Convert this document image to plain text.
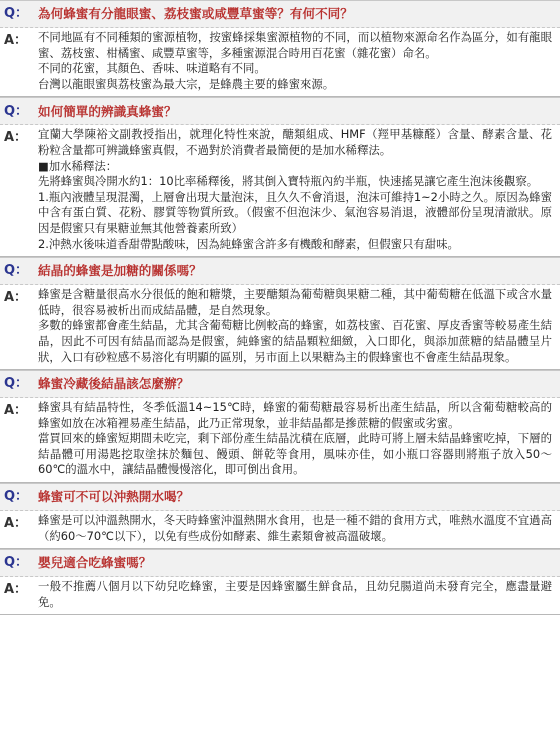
Q： 為何蜂蜜有分龍眼蜜、荔枝蜜或咸豐草蜜等？有何不同？
A： 不同地區有不同種類的蜜源植物，按蜜蜂採集蜜源植物的不同，而以植物來源命名作為區分，如有龍眼蜜、荔枝蜜、柑橘蜜、咸豐草蜜等，多種蜜源混合時用百花蜜（雜花蜜）命名。
不同的花蜜，其顏色、香味、味道略有不同。
台灣以龍眼蜜與荔枝蜜為最大宗，是蜂農主要的蜂蜜來源。
Q： 如何簡單的辨識真蜂蜜？
A： 宜蘭大學陳裕文副教授指出，就理化特性來說，醣類組成、HMF（羥甲基糠醛）含量、酵素含量、花粉粒含量都可辨識蜂蜜真假，不過對於消費者最簡便的是加水稀釋法。
■加水稀釋法：
先將蜂蜜與冷開水約1：10比率稀釋後，將其倒入寶特瓶內約半瓶，快速搖晃讓它產生泡沫後觀察。
1.瓶內液體呈現混濁，上層會出現大量泡沫，且久久不會消退，泡沫可維持1~2小時之久。原因為蜂蜜中含有蛋白質、花粉、膠質等物質所致。（假蜜不但泡沫少、氣泡容易消退，液體部份呈現清澈狀。原因是假蜜只有果糖並無其他營養素所致）
2.沖熱水後味道香甜帶點酸味，因為純蜂蜜含許多有機酸和酵素，但假蜜只有甜味。
Q： 結晶的蜂蜜是加糖的關係嗎？
A： 蜂蜜是含糖量很高水分很低的飽和糖漿，主要醣類為葡萄糖與果糖二種，其中葡萄糖在低溫下或含水量低時，很容易被析出而成結晶體，是自然現象。
多數的蜂蜜都會產生結晶，尤其含葡萄糖比例較高的蜂蜜，如荔枝蜜、百花蜜、厚皮香蜜等較易產生結晶，因此不可因有結晶而認為是假蜜，純蜂蜜的結晶顆粒細緻，入口即化，與添加蔗糖的結晶體呈片狀，入口有砂粒感不易溶化有明顯的區別，另市面上以果糖為主的假蜂蜜也不會產生結晶現象。
Q： 蜂蜜冷藏後結晶該怎麼辦？
A： 蜂蜜具有結晶特性，冬季低溫14~15℃時，蜂蜜的葡萄糖最容易析出產生結晶，所以含葡萄糖較高的蜂蜜如放在冰箱裡易產生結晶，此乃正常現象，並非結晶都是摻蔗糖的假蜜或劣蜜。
當買回來的蜂蜜短期間未吃完，剩下部份產生結晶沈積在底層，此時可將上層未結晶蜂蜜吃掉，下層的結晶體可用湯匙挖取塗抹於麵包、饅頭、餅乾等食用，風味亦佳，如小瓶口容器則將瓶子放入50～60℃的溫水中，讓結晶體慢慢溶化，即可倒出食用。
Q： 蜂蜜可不可以沖熱開水喝？
A： 蜂蜜是可以沖溫熱開水，冬天時蜂蜜沖溫熱開水食用，也是一種不錯的食用方式，唯熱水溫度不宜過高（約60～70℃以下），以免有些成份如酵素、維生素類會被高溫破壞。
Q： 嬰兒適合吃蜂蜜嗎？
A： 一般不推薦八個月以下幼兒吃蜂蜜，主要是因蜂蜜屬生鮮食品，且幼兒腸道尚未發育完全，應盡量避免。
